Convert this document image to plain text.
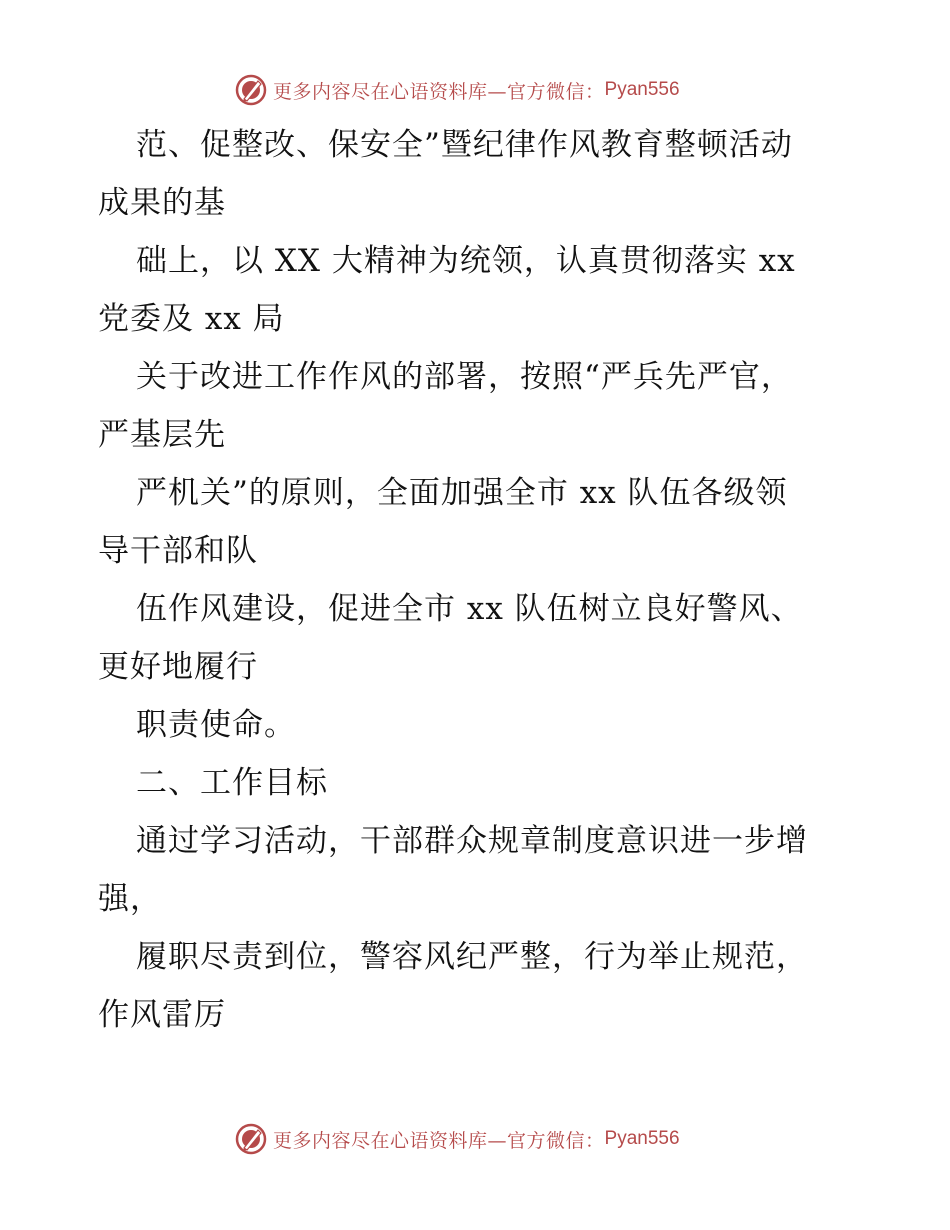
更多内容尽在心语资料库—官方微信： Pyan556
范、促整改、保安全”暨纪律作风教育整顿活动
成果的基
础上，以 XX 大精神为统领，认真贯彻落实 xx
党委及 xx 局
关于改进工作作风的部署，按照“严兵先严官，
严基层先
严机关”的原则，全面加强全市 xx 队伍各级领
导干部和队
伍作风建设，促进全市 xx 队伍树立良好警风、
更好地履行
职责使命。
二、工作目标
通过学习活动，干部群众规章制度意识进一步增
强，
履职尽责到位，警容风纪严整，行为举止规范，
作风雷厉
更多内容尽在心语资料库—官方微信： Pyan556
